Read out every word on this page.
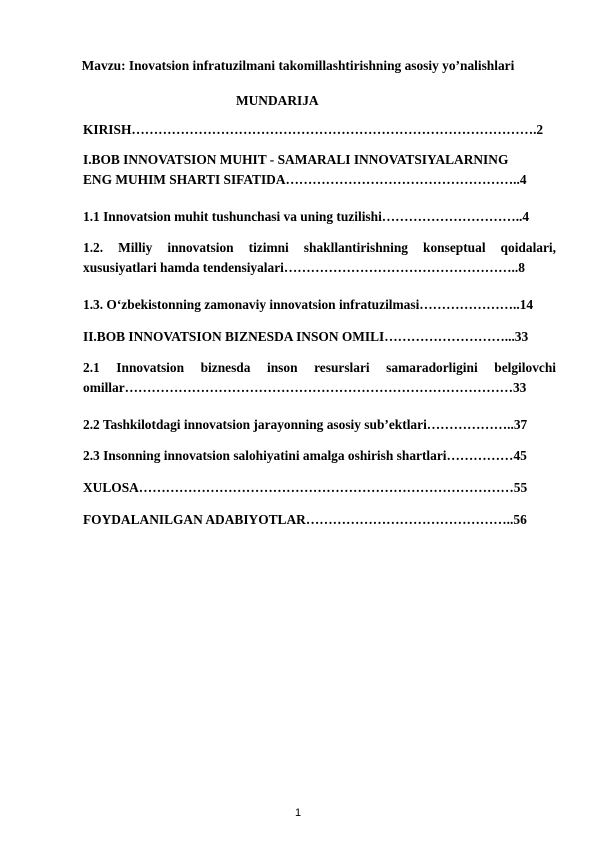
Mavzu: Inovatsion infratuzilmani takomillashtirishning asosiy yo’nalishlari
MUNDARIJA
KIRISH……………………………………………………………………………….2
I.BOB INNOVATSION MUHIT - SAMARALI INNOVATSIYALARNING
ENG MUHIM SHARTI SIFATIDA……………………………………………..4
1.1 Innovatsion muhit tushunchasi va uning tuzilishi…………………………..4
1.2. Milliy innovatsion tizimni shakllantirishning konseptual qoidalari,
xususiyatlari hamda tendensiyalari……………………………………………..8
1.3. O‘zbekistonning zamonaviy innovatsion infratuzilmasi…………………..14
II.BOB INNOVATSION BIZNESDA INSON OMILI………………………...33
2.1 Innovatsion biznesda inson resurslari samaradorligini belgilovchi
omillar……………………………………………………………………………33
2.2 Tashkilotdagi innovatsion jarayonning asosiy sub’ektlari………………..37
2.3 Insonning innovatsion salohiyatini amalga oshirish shartlari……………45
XULOSA…………………………………………………………………………55
FOYDALANILGAN ADABIYOTLAR………………………………………..56
1
